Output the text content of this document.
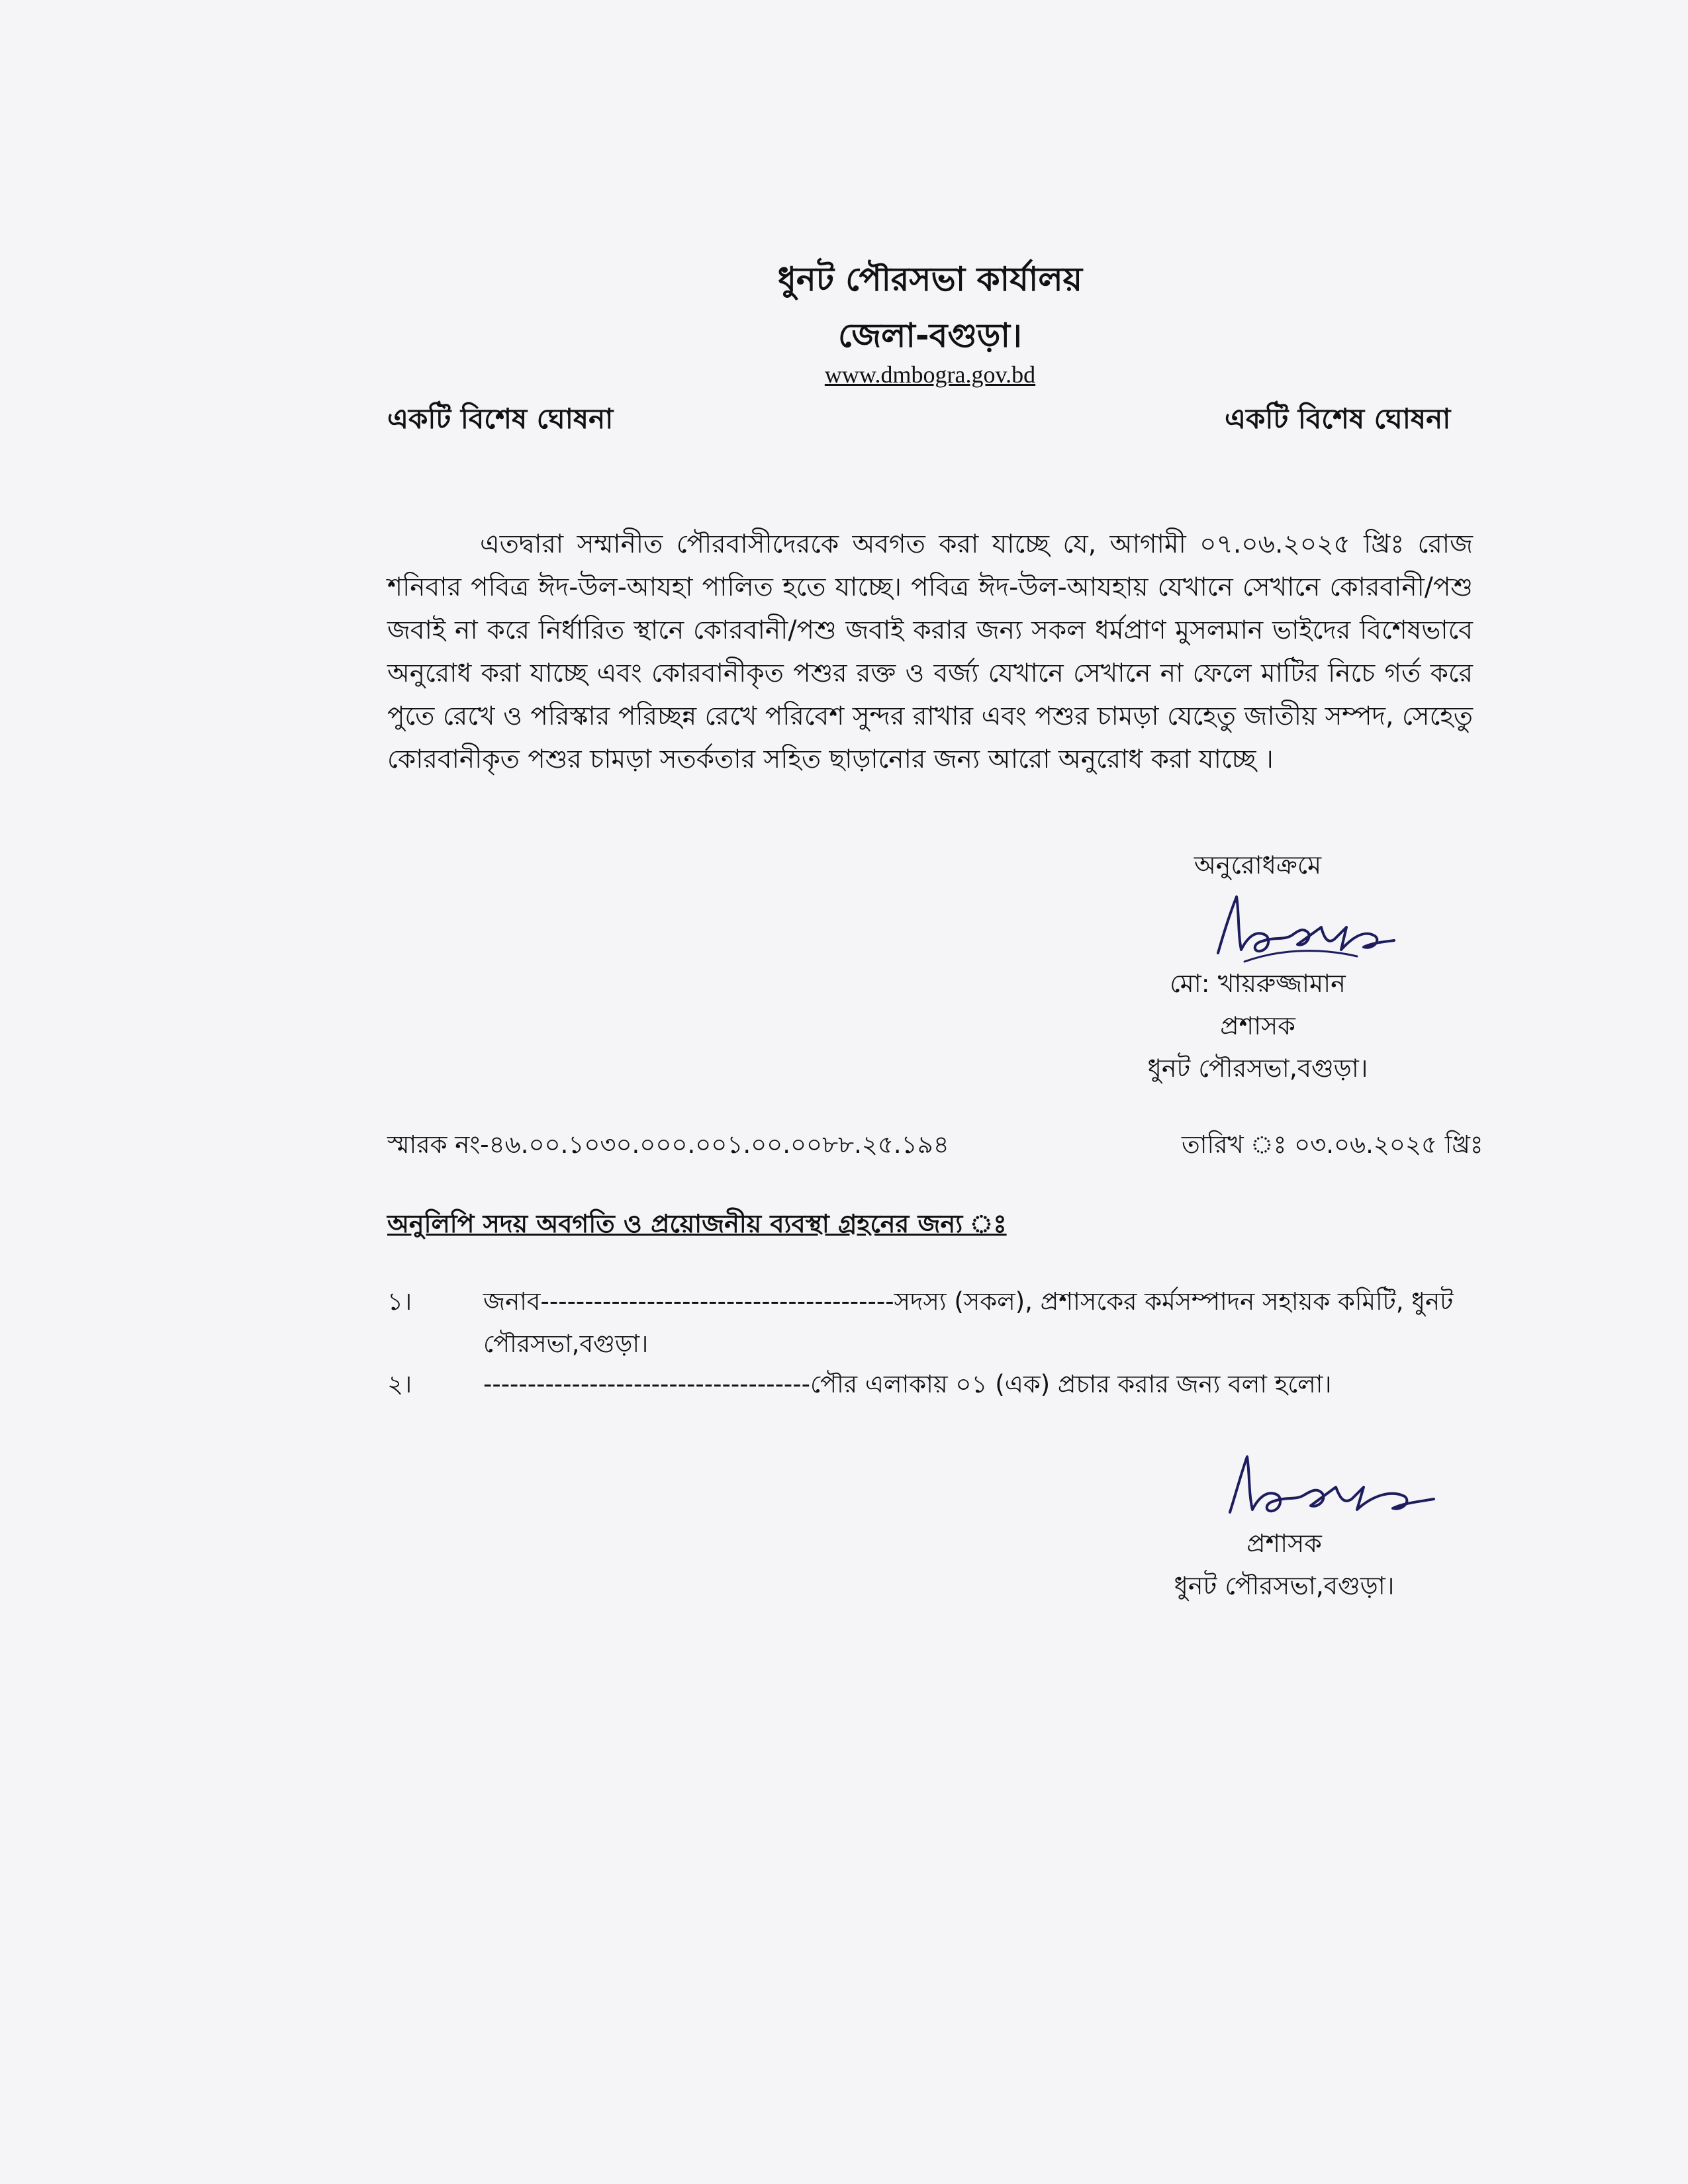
ধুনট পৌরসভা কার্যালয়
জেলা-বগুড়া।
www.dmbogra.gov.bd
একটি বিশেষ ঘোষনা	একটি বিশেষ ঘোষনা
এতদ্বারা সম্মানীত পৌরবাসীদেরকে অবগত করা যাচ্ছে যে, আগামী ০৭.০৬.২০২৫ খ্রিঃ রোজ শনিবার পবিত্র ঈদ-উল-আযহা পালিত হতে যাচ্ছে। পবিত্র ঈদ-উল-আযহায় যেখানে সেখানে কোরবানী/পশু জবাই না করে নির্ধারিত স্থানে কোরবানী/পশু জবাই করার জন্য সকল ধর্মপ্রাণ মুসলমান ভাইদের বিশেষভাবে অনুরোধ করা যাচ্ছে এবং কোরবানীকৃত পশুর রক্ত ও বর্জ্য যেখানে সেখানে না ফেলে মাটির নিচে গর্ত করে পুতে রেখে ও পরিস্কার পরিচ্ছন্ন রেখে পরিবেশ সুন্দর রাখার এবং পশুর চামড়া যেহেতু জাতীয় সম্পদ, সেহেতু কোরবানীকৃত পশুর চামড়া সতর্কতার সহিত ছাড়ানোর জন্য আরো অনুরোধ করা যাচ্ছে ।
অনুরোধক্রমে
মো: খায়রুজ্জামান
প্রশাসক
ধুনট পৌরসভা,বগুড়া।
স্মারক নং-৪৬.০০.১০৩০.০০০.০০১.০০.০০৮৮.২৫.১৯৪	তারিখ ঃ ০৩.০৬.২০২৫ খ্রিঃ
অনুলিপি সদয় অবগতি ও প্রয়োজনীয় ব্যবস্থা গ্রহনের জন্য ঃ
১।	জনাব----------------------------------------সদস্য (সকল), প্রশাসকের কর্মসম্পাদন সহায়ক কমিটি, ধুনট পৌরসভা,বগুড়া।
২।	-------------------------------------পৌর এলাকায় ০১ (এক) প্রচার করার জন্য বলা হলো।
প্রশাসক
ধুনট পৌরসভা,বগুড়া।
